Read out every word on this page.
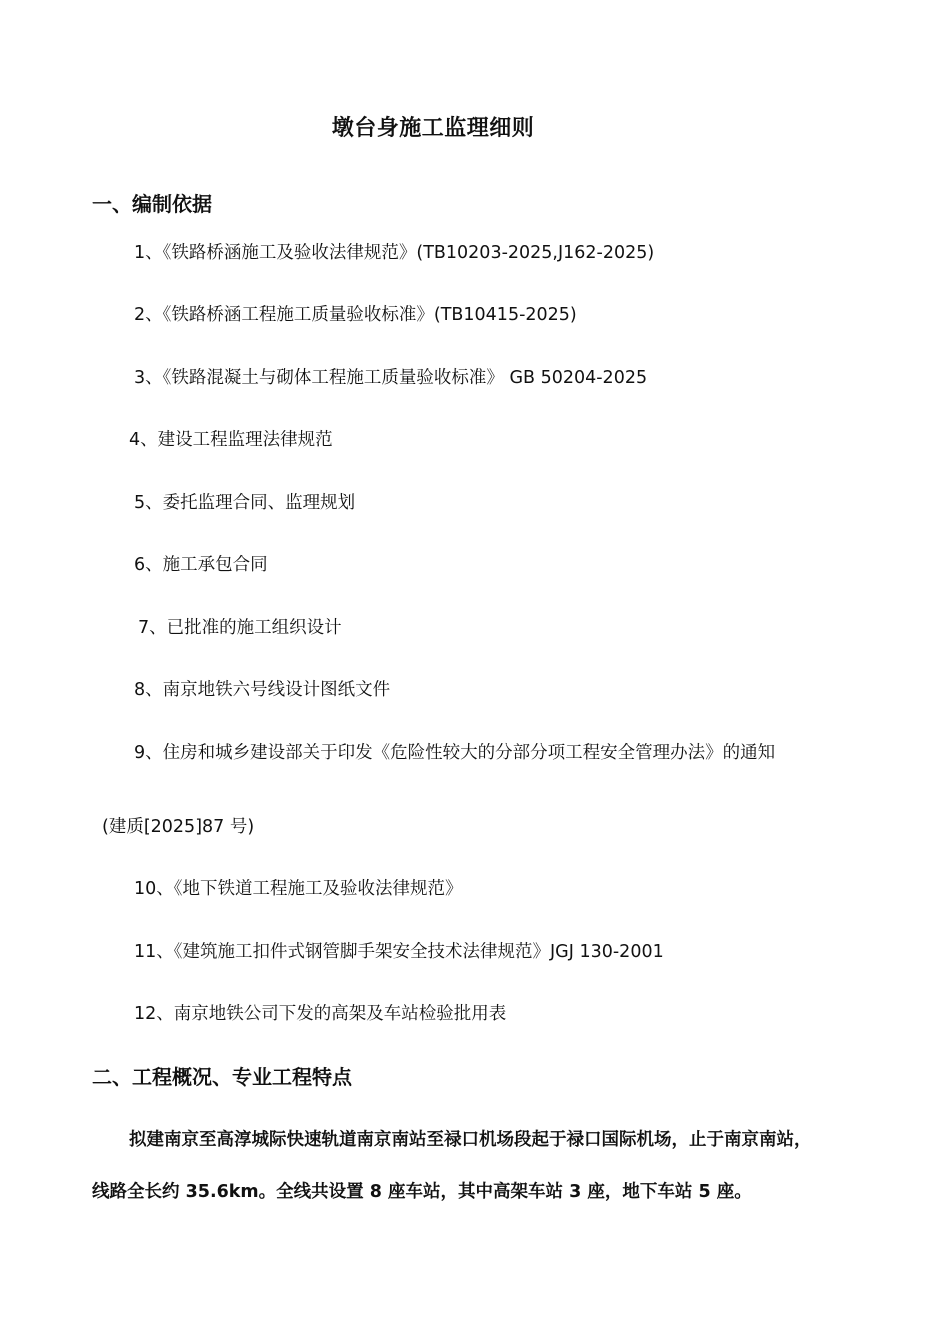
墩台身施工监理细则
一、编制依据
1、《铁路桥涵施工及验收法律规范》(TB10203-2025,J162-2025)
2、《铁路桥涵工程施工质量验收标准》(TB10415-2025)
3、《铁路混凝土与砌体工程施工质量验收标准》 GB 50204-2025
4、建设工程监理法律规范
5、委托监理合同、监理规划
6、施工承包合同
7、已批准的施工组织设计
8、南京地铁六号线设计图纸文件
9、住房和城乡建设部关于印发《危险性较大的分部分项工程安全管理办法》的通知
(建质[2025]87 号)
10、《地下铁道工程施工及验收法律规范》
11、《建筑施工扣件式钢管脚手架安全技术法律规范》JGJ 130-2001
12、南京地铁公司下发的高架及车站检验批用表
二、工程概况、专业工程特点
拟建南京至高淳城际快速轨道南京南站至禄口机场段起于禄口国际机场，止于南京南站，
线路全长约 35.6km。全线共设置 8 座车站，其中高架车站 3 座，地下车站 5 座。
